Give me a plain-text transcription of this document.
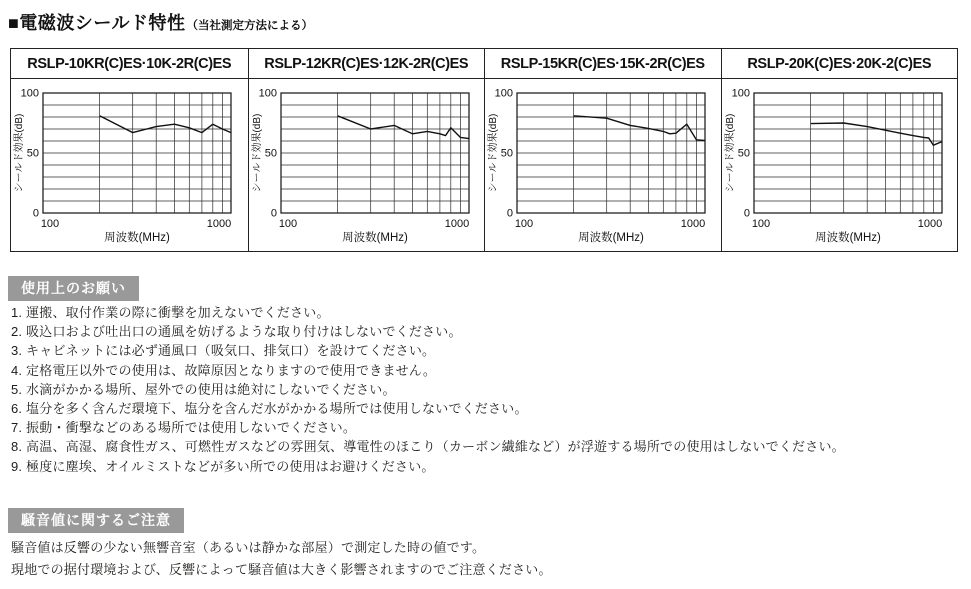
■電磁波シールド特性（当社測定方法による）
RSLP-10KR(C)ES·10K-2R(C)ES
100
50
0
100	1000
周波数(MHz)
シールド効果(dB)
RSLP-12KR(C)ES·12K-2R(C)ES
100
50
0
100	1000
周波数(MHz)
シールド効果(dB)
RSLP-15KR(C)ES·15K-2R(C)ES
100
50
0
100	1000
周波数(MHz)
シールド効果(dB)
RSLP-20K(C)ES·20K-2(C)ES
100
50
0
100	1000
周波数(MHz)
シールド効果(dB)
使用上のお願い
1. 運搬、取付作業の際に衝撃を加えないでください。
2. 吸込口および吐出口の通風を妨げるような取り付けはしないでください。
3. キャビネットには必ず通風口（吸気口、排気口）を設けてください。
4. 定格電圧以外での使用は、故障原因となりますので使用できません。
5. 水滴がかかる場所、屋外での使用は絶対にしないでください。
6. 塩分を多く含んだ環境下、塩分を含んだ水がかかる場所では使用しないでください。
7. 振動・衝撃などのある場所では使用しないでください。
8. 高温、高湿、腐食性ガス、可燃性ガスなどの雰囲気、導電性のほこり（カーボン繊維など）が浮遊する場所での使用はしないでください。
9. 極度に塵埃、オイルミストなどが多い所での使用はお避けください。
騒音値に関するご注意
騒音値は反響の少ない無響音室（あるいは静かな部屋）で測定した時の値です。
現地での据付環境および、反響によって騒音値は大きく影響されますのでご注意ください。
